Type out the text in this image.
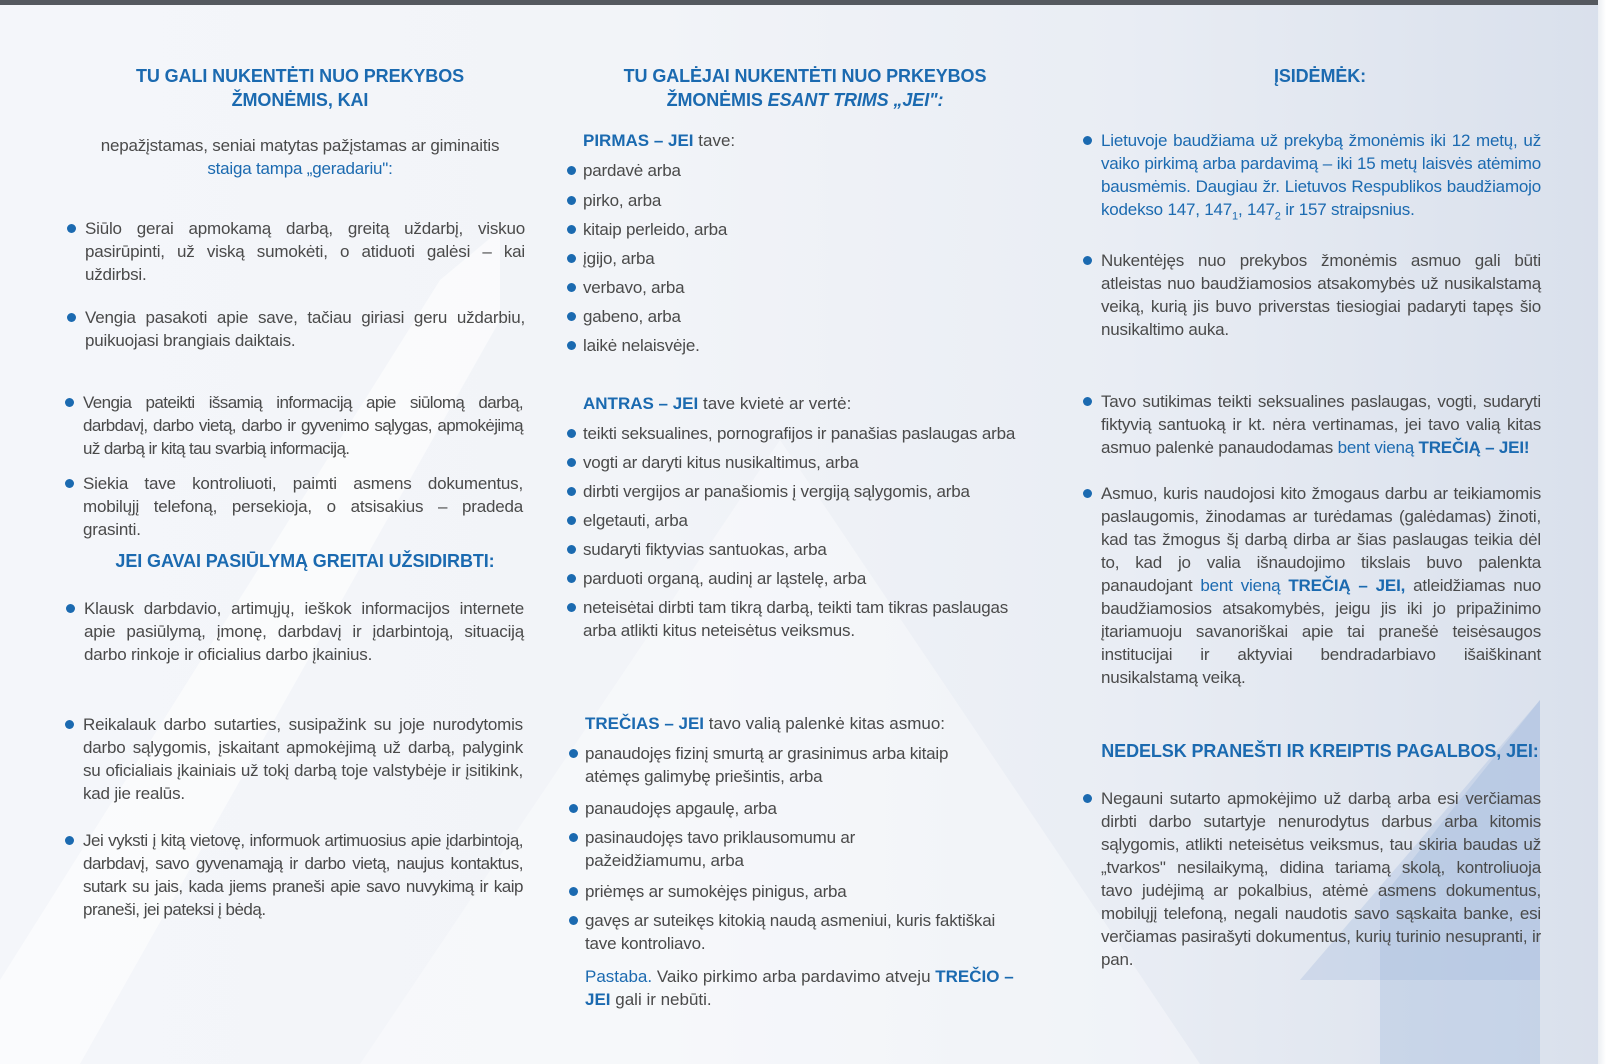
TU GALI NUKENTĖTI NUO PREKYBOS
ŽMONĖMIS, KAI
nepažįstamas, seniai matytas pažįstamas ar giminaitis
staiga tampa „geradariu":
Siūlo gerai apmokamą darbą, greitą uždarbį, viskuo pasirūpinti, už viską sumokėti, o atiduoti galėsi – kai uždirbsi.
Vengia pasakoti apie save, tačiau giriasi geru uždarbiu, puikuojasi brangiais daiktais.
Vengia pateikti išsamią informaciją apie siūlomą darbą, darbdavį, darbo vietą, darbo ir gyvenimo sąlygas, apmokėjimą už darbą ir kitą tau svarbią informaciją.
Siekia tave kontroliuoti, paimti asmens dokumentus, mobilųjį telefoną, persekioja, o atsisakius – pradeda grasinti.
JEI GAVAI PASIŪLYMĄ GREITAI UŽSIDIRBTI:
Klausk darbdavio, artimųjų, ieškok informacijos internete apie pasiūlymą, įmonę, darbdavį ir įdarbintoją, situaciją darbo rinkoje ir oficialius darbo įkainius.
Reikalauk darbo sutarties, susipažink su joje nurodytomis darbo sąlygomis, įskaitant apmokėjimą už darbą, palygink su oficialiais įkainiais už tokį darbą toje valstybėje ir įsitikink, kad jie realūs.
Jei vyksti į kitą vietovę, informuok artimuosius apie įdarbintoją, darbdavį, savo gyvenamąją ir darbo vietą, naujus kontaktus, sutark su jais, kada jiems praneši apie savo nuvykimą ir kaip praneši, jei pateksi į bėdą.
TU GALĖJAI NUKENTĖTI NUO PRKEYBOS
ŽMONĖMIS ESANT TRIMS „JEI":
PIRMAS – JEI tave:
pardavė arba
pirko, arba
kitaip perleido, arba
įgijo, arba
verbavo, arba
gabeno, arba
laikė nelaisvėje.
ANTRAS – JEI tave kvietė ar vertė:
teikti seksualines, pornografijos ir panašias paslaugas arba
vogti ar daryti kitus nusikaltimus, arba
dirbti vergijos ar panašiomis į vergiją sąlygomis, arba
elgetauti, arba
sudaryti fiktyvias santuokas, arba
parduoti organą, audinį ar ląstelę, arba
neteisėtai dirbti tam tikrą darbą, teikti tam tikras paslaugas arba atlikti kitus neteisėtus veiksmus.
TREČIAS – JEI tavo valią palenkė kitas asmuo:
panaudojęs fizinį smurtą ar grasinimus arba kitaip atėmęs galimybę priešintis, arba
panaudojęs apgaulę, arba
pasinaudojęs tavo priklausomumu ar pažeidžiamumu, arba
priėmęs ar sumokėjęs pinigus, arba
gavęs ar suteikęs kitokią naudą asmeniui, kuris faktiškai tave kontroliavo.
Pastaba. Vaiko pirkimo arba pardavimo atveju TREČIO – JEI gali ir nebūti.
ĮSIDĖMĖK:
Lietuvoje baudžiama už prekybą žmonėmis iki 12 metų, už vaiko pirkimą arba pardavimą – iki 15 metų laisvės atėmimo bausmėmis. Daugiau žr. Lietuvos Respublikos baudžiamojo kodekso 147, $147_1$, $147_2$ ir 157 straipsnius.
Nukentėjęs nuo prekybos žmonėmis asmuo gali būti atleistas nuo baudžiamosios atsakomybės už nusikalstamą veiką, kurią jis buvo priverstas tiesiogiai padaryti tapęs šio nusikaltimo auka.
Tavo sutikimas teikti seksualines paslaugas, vogti, sudaryti fiktyvią santuoką ir kt. nėra vertinamas, jei tavo valią kitas asmuo palenkė panaudodamas bent vieną TREČIĄ – JEI!
Asmuo, kuris naudojosi kito žmogaus darbu ar teikiamomis paslaugomis, žinodamas ar turėdamas (galėdamas) žinoti, kad tas žmogus šį darbą dirba ar šias paslaugas teikia dėl to, kad jo valia išnaudojimo tikslais buvo palenkta panaudojant bent vieną TREČIĄ – JEI, atleidžiamas nuo baudžiamosios atsakomybės, jeigu jis iki jo pripažinimo įtariamuoju savanoriškai apie tai pranešė teisėsaugos institucijai ir aktyviai bendradarbiavo išaiškinant nusikalstamą veiką.
NEDELSK PRANEŠTI IR KREIPTIS PAGALBOS, JEI:
Negauni sutarto apmokėjimo už darbą arba esi verčiamas dirbti darbo sutartyje nenurodytus darbus arba kitomis sąlygomis, atlikti neteisėtus veiksmus, tau skiria baudas už „tvarkos" nesilaikymą, didina tariamą skolą, kontroliuoja tavo judėjimą ar pokalbius, atėmė asmens dokumentus, mobilųjį telefoną, negali naudotis savo sąskaita banke, esi verčiamas pasirašyti dokumentus, kurių turinio nesupranti, ir pan.
